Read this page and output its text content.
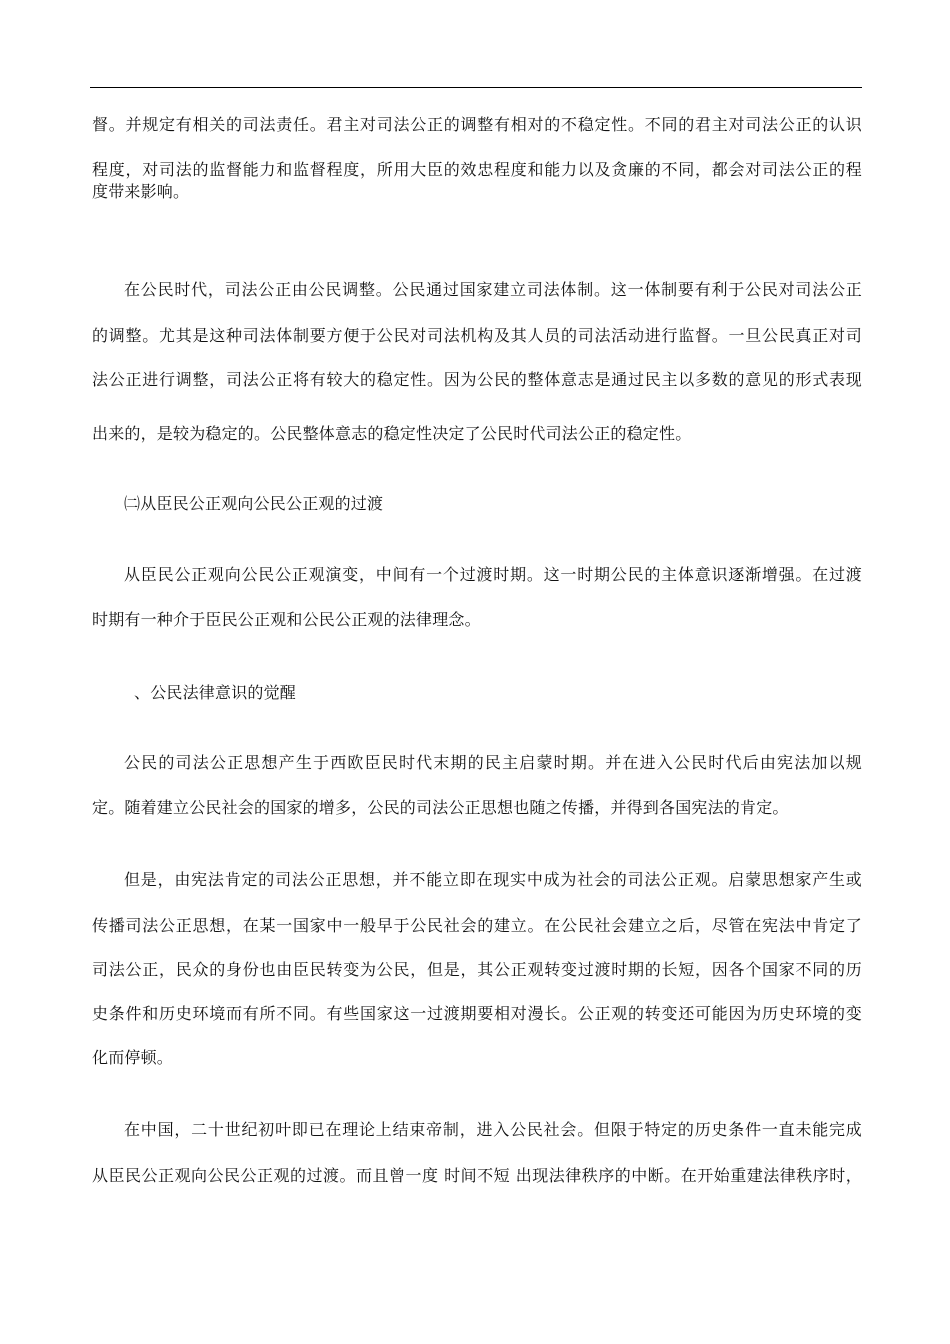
督。并规定有相关的司法责任。君主对司法公正的调整有相对的不稳定性。不同的君主对司法公正的认识
程度，对司法的监督能力和监督程度，所用大臣的效忠程度和能力以及贪廉的不同，都会对司法公正的程
度带来影响。
在公民时代，司法公正由公民调整。公民通过国家建立司法体制。这一体制要有利于公民对司法公正
的调整。尤其是这种司法体制要方便于公民对司法机构及其人员的司法活动进行监督。一旦公民真正对司
法公正进行调整，司法公正将有较大的稳定性。因为公民的整体意志是通过民主以多数的意见的形式表现
出来的，是较为稳定的。公民整体意志的稳定性决定了公民时代司法公正的稳定性。
㈡从臣民公正观向公民公正观的过渡
从臣民公正观向公民公正观演变，中间有一个过渡时期。这一时期公民的主体意识逐渐增强。在过渡
时期有一种介于臣民公正观和公民公正观的法律理念。
、公民法律意识的觉醒
公民的司法公正思想产生于西欧臣民时代末期的民主启蒙时期。并在进入公民时代后由宪法加以规
定。随着建立公民社会的国家的增多，公民的司法公正思想也随之传播，并得到各国宪法的肯定。
但是，由宪法肯定的司法公正思想，并不能立即在现实中成为社会的司法公正观。启蒙思想家产生或
传播司法公正思想，在某一国家中一般早于公民社会的建立。在公民社会建立之后，尽管在宪法中肯定了
司法公正，民众的身份也由臣民转变为公民，但是，其公正观转变过渡时期的长短，因各个国家不同的历
史条件和历史环境而有所不同。有些国家这一过渡期要相对漫长。公正观的转变还可能因为历史环境的变
化而停顿。
在中国，二十世纪初叶即已在理论上结束帝制，进入公民社会。但限于特定的历史条件一直未能完成
从臣民公正观向公民公正观的过渡。而且曾一度 时间不短 出现法律秩序的中断。在开始重建法律秩序时，
